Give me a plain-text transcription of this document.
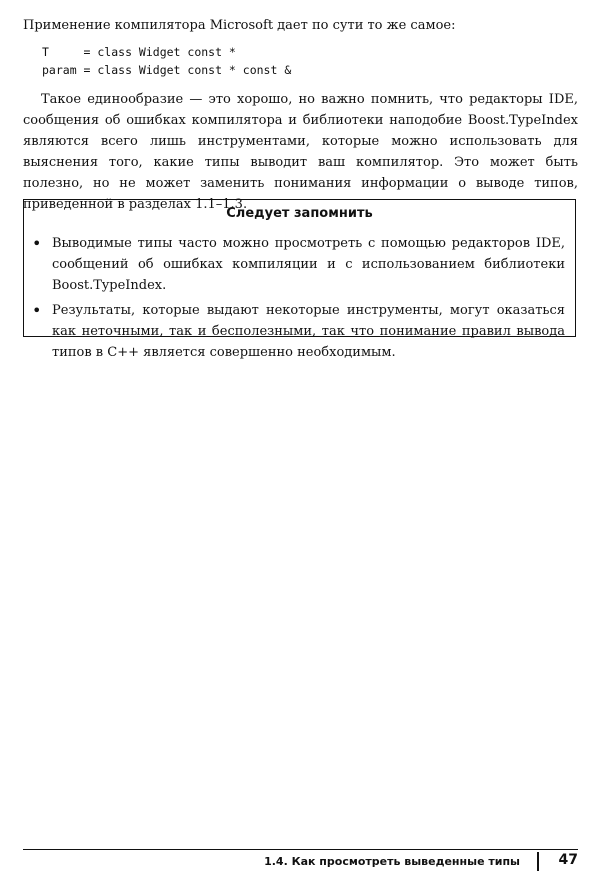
Применение компилятора Microsoft дает по сути то же самое:

T     = class Widget const *
param = class Widget const * const &

Такое единообразие — это хорошо, но важно помнить, что редакторы IDE, сообщения об ошибках компилятора и библиотеки наподобие Boost.TypeIndex являются всего лишь инструментами, которые можно использовать для выяснения того, какие типы выводит ваш компилятор. Это может быть полезно, но не может заменить понимания информации о выводе типов, приведенной в разделах 1.1–1.3.

Следует запомнить
• Выводимые типы часто можно просмотреть с помощью редакторов IDE, сообщений об ошибках компиляции и с использованием библиотеки Boost.TypeIndex.
• Результаты, которые выдают некоторые инструменты, могут оказаться как неточными, так и бесполезными, так что понимание правил вывода типов в C++ является совершенно необходимым.
1.4. Как просмотреть выведенные типы	47
